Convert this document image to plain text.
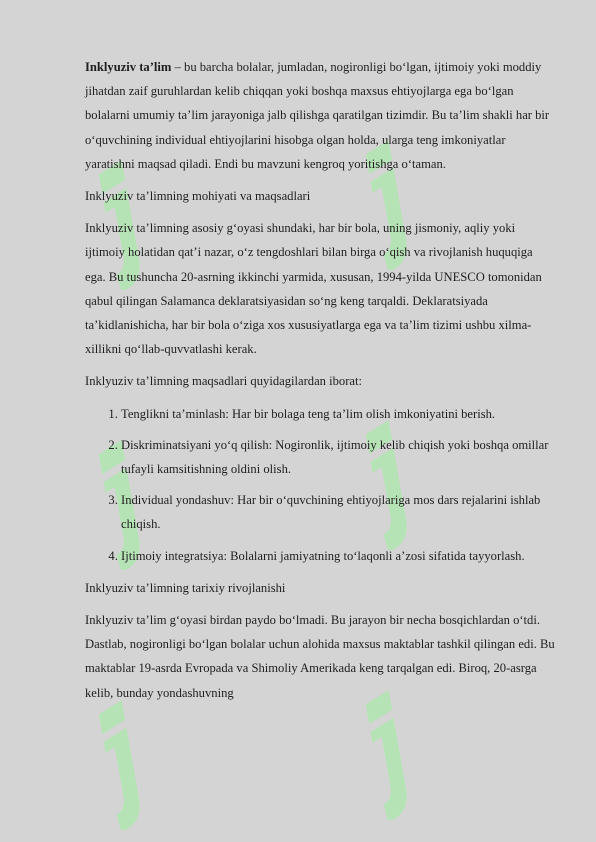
Inklyuziv ta’lim – bu barcha bolalar, jumladan, nogironligi bo‘lgan, ijtimoiy yoki moddiy jihatdan zaif guruhlardan kelib chiqqan yoki boshqa maxsus ehtiyojlarga ega bo‘lgan bolalarni umumiy ta’lim jarayoniga jalb qilishga qaratilgan tizimdir. Bu ta’lim shakli har bir o‘quvchining individual ehtiyojlarini hisobga olgan holda, ularga teng imkoniyatlar yaratishni maqsad qiladi. Endi bu mavzuni kengroq yoritishga o‘taman.

Inklyuziv ta’limning mohiyati va maqsadlari

Inklyuziv ta’limning asosiy g‘oyasi shundaki, har bir bola, uning jismoniy, aqliy yoki ijtimoiy holatidan qat’i nazar, o‘z tengdoshlari bilan birga o‘qish va rivojlanish huquqiga ega. Bu tushuncha 20-asrning ikkinchi yarmida, xususan, 1994-yilda UNESCO tomonidan qabul qilingan Salamanca deklaratsiyasidan so‘ng keng tarqaldi. Deklaratsiyada ta’kidlanishicha, har bir bola o‘ziga xos xususiyatlarga ega va ta’lim tizimi ushbu xilma-xillikni qo‘llab-quvvatlashi kerak.

Inklyuziv ta’limning maqsadlari quyidagilardan iborat:

1. Tenglikni ta’minlash: Har bir bolaga teng ta’lim olish imkoniyatini berish.
2. Diskriminatsiyani yo‘q qilish: Nogironlik, ijtimoiy kelib chiqish yoki boshqa omillar tufayli kamsitishning oldini olish.
3. Individual yondashuv: Har bir o‘quvchining ehtiyojlariga mos dars rejalarini ishlab chiqish.
4. Ijtimoiy integratsiya: Bolalarni jamiyatning to‘laqonli a’zosi sifatida tayyorlash.

Inklyuziv ta’limning tarixiy rivojlanishi

Inklyuziv ta’lim g‘oyasi birdan paydo bo‘lmadi. Bu jarayon bir necha bosqichlardan o‘tdi. Dastlab, nogironligi bo‘lgan bolalar uchun alohida maxsus maktablar tashkil qilingan edi. Bu maktablar 19-asrda Evropada va Shimoliy Amerikada keng tarqalgan edi. Biroq, 20-asrga kelib, bunday yondashuvning
